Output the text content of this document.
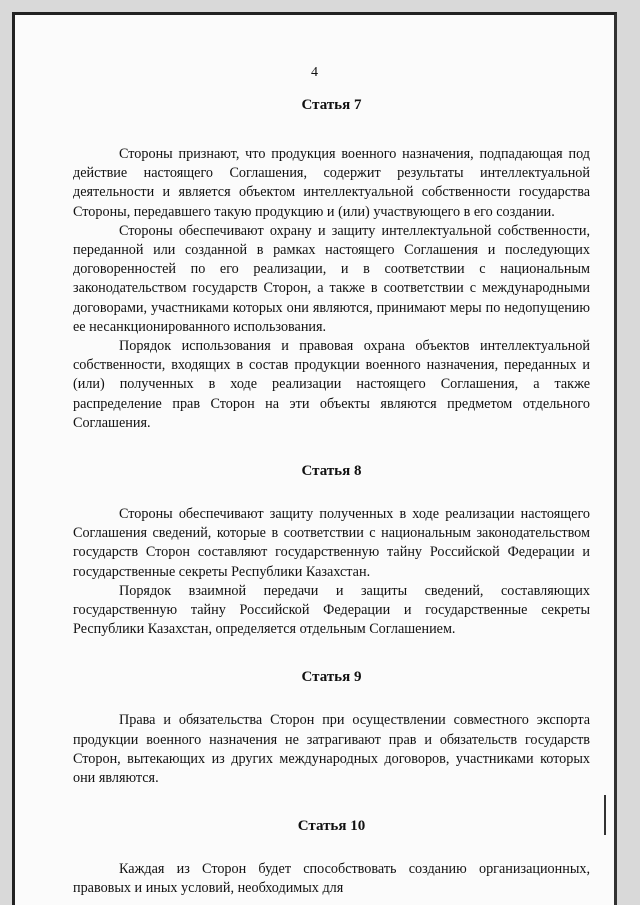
4
Статья 7

Стороны признают, что продукция военного назначения, подпадающая под действие настоящего Соглашения, содержит результаты интеллектуальной деятельности и является объектом интеллектуальной собственности государства Стороны, передавшего такую продукцию и (или) участвующего в его создании.

Стороны обеспечивают охрану и защиту интеллектуальной собственности, переданной или созданной в рамках настоящего Соглашения и последующих договоренностей по его реализации, и в соответствии с национальным законодательством государств Сторон, а также в соответствии с международными договорами, участниками которых они являются, принимают меры по недопущению ее несанкционированного использования.

Порядок использования и правовая охрана объектов интеллектуальной собственности, входящих в состав продукции военного назначения, переданных и (или) полученных в ходе реализации настоящего Соглашения, а также распределение прав Сторон на эти объекты являются предметом отдельного Соглашения.

Статья 8

Стороны обеспечивают защиту полученных в ходе реализации настоящего Соглашения сведений, которые в соответствии с национальным законодательством государств Сторон составляют государственную тайну Российской Федерации и государственные секреты Республики Казахстан.

Порядок взаимной передачи и защиты сведений, составляющих государственную тайну Российской Федерации и государственные секреты Республики Казахстан, определяется отдельным Соглашением.

Статья 9

Права и обязательства Сторон при осуществлении совместного экспорта продукции военного назначения не затрагивают прав и обязательств государств Сторон, вытекающих из других международных договоров, участниками которых они являются.

Статья 10

Каждая из Сторон будет способствовать созданию организационных, правовых и иных условий, необходимых для
